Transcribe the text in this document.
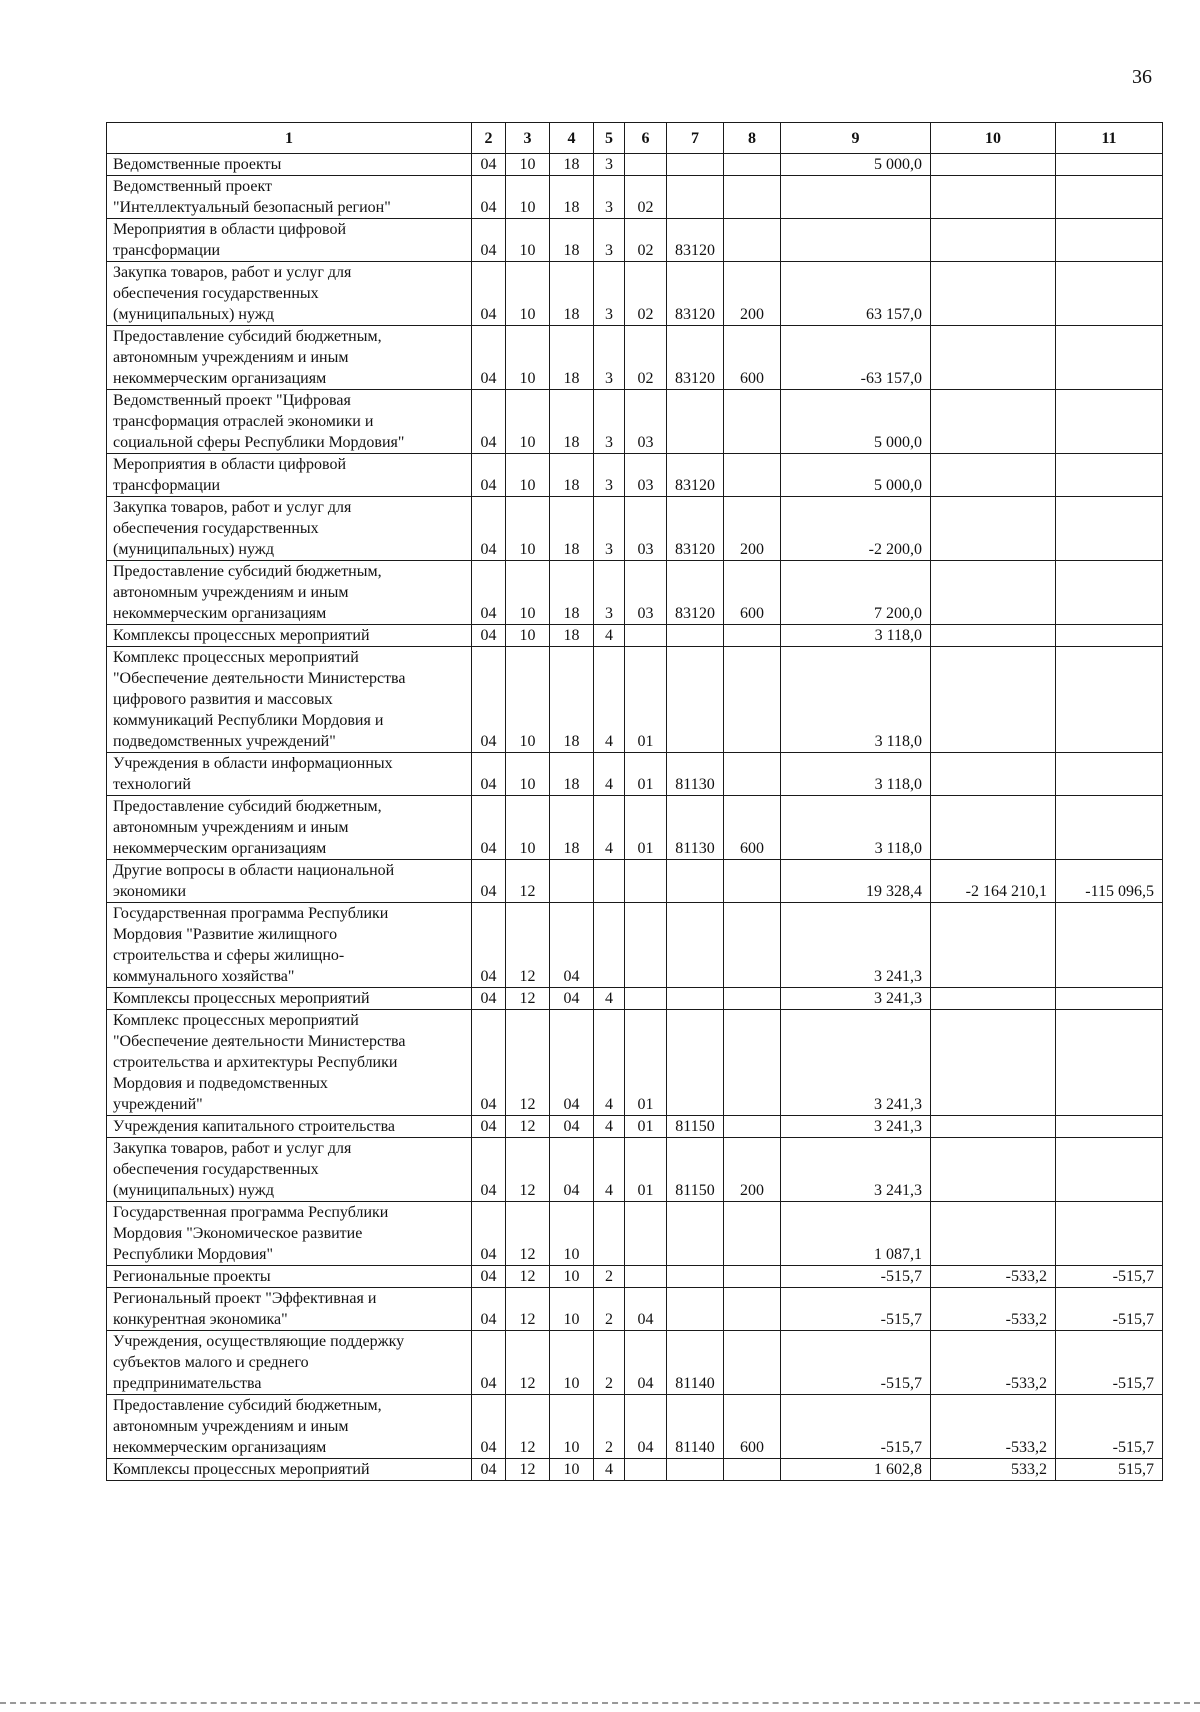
36
1	2	3	4	5	6	7	8	9	10	11
Ведомственные проекты	04	10	18	3				5 000,0		
Ведомственный проект
"Интеллектуальный безопасный регион"	04	10	18	3	02					
Мероприятия в области цифровой
трансформации	04	10	18	3	02	83120				
Закупка товаров, работ и услуг для
обеспечения государственных
(муниципальных) нужд	04	10	18	3	02	83120	200	63 157,0		
Предоставление субсидий бюджетным,
автономным учреждениям и иным
некоммерческим организациям	04	10	18	3	02	83120	600	-63 157,0		
Ведомственный проект "Цифровая
трансформация отраслей экономики и
социальной сферы Республики Мордовия"	04	10	18	3	03			5 000,0		
Мероприятия в области цифровой
трансформации	04	10	18	3	03	83120		5 000,0		
Закупка товаров, работ и услуг для
обеспечения государственных
(муниципальных) нужд	04	10	18	3	03	83120	200	-2 200,0		
Предоставление субсидий бюджетным,
автономным учреждениям и иным
некоммерческим организациям	04	10	18	3	03	83120	600	7 200,0		
Комплексы процессных мероприятий	04	10	18	4				3 118,0		
Комплекс процессных мероприятий
"Обеспечение деятельности Министерства
цифрового развития и массовых
коммуникаций Республики Мордовия и
подведомственных учреждений"	04	10	18	4	01			3 118,0		
Учреждения в области информационных
технологий	04	10	18	4	01	81130		3 118,0		
Предоставление субсидий бюджетным,
автономным учреждениям и иным
некоммерческим организациям	04	10	18	4	01	81130	600	3 118,0		
Другие вопросы в области национальной
экономики	04	12						19 328,4	-2 164 210,1	-115 096,5
Государственная программа Республики
Мордовия "Развитие жилищного
строительства и сферы жилищно-
коммунального хозяйства"	04	12	04					3 241,3		
Комплексы процессных мероприятий	04	12	04	4				3 241,3		
Комплекс процессных мероприятий
"Обеспечение деятельности Министерства
строительства и архитектуры Республики
Мордовия и подведомственных
учреждений"	04	12	04	4	01			3 241,3		
Учреждения капитального строительства	04	12	04	4	01	81150		3 241,3		
Закупка товаров, работ и услуг для
обеспечения государственных
(муниципальных) нужд	04	12	04	4	01	81150	200	3 241,3		
Государственная программа Республики
Мордовия "Экономическое развитие
Республики Мордовия"	04	12	10					1 087,1		
Региональные проекты	04	12	10	2				-515,7	-533,2	-515,7
Региональный проект "Эффективная и
конкурентная экономика"	04	12	10	2	04			-515,7	-533,2	-515,7
Учреждения, осуществляющие поддержку
субъектов малого и среднего
предпринимательства	04	12	10	2	04	81140		-515,7	-533,2	-515,7
Предоставление субсидий бюджетным,
автономным учреждениям и иным
некоммерческим организациям	04	12	10	2	04	81140	600	-515,7	-533,2	-515,7
Комплексы процессных мероприятий	04	12	10	4				1 602,8	533,2	515,7
